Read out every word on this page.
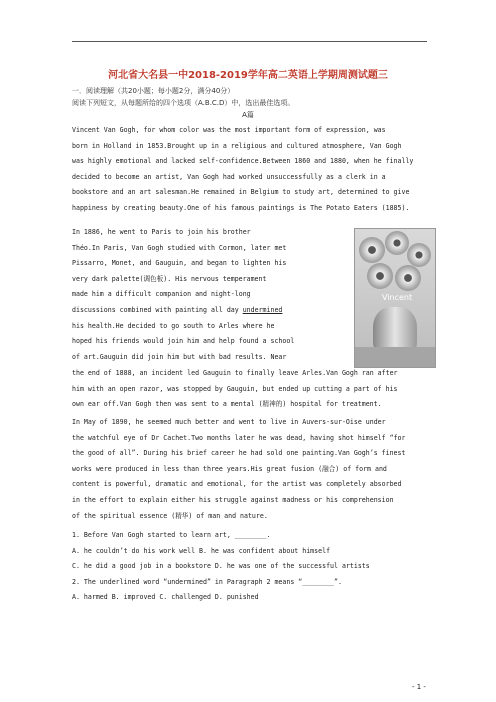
河北省大名县一中2018-2019学年高二英语上学期周测试题三
一．阅读理解（共20小题；每小题2分，满分40分）
阅读下列短文，从每题所给的四个选项（A.B.C.D）中，选出最佳选项。
A篇
Vincent Van Gogh, for whom color was the most important form of expression, was
born in Holland in 1853.Brought up in a religious and cultured atmosphere, Van Gogh
was highly emotional and lacked self-confidence.Between 1860 and 1880, when he finally
decided to become an artist, Van Gogh had worked unsuccessfully as a clerk in a
bookstore and an art salesman.He remained in Belgium to study art, determined to give
happiness by creating beauty.One of his famous paintings is The Potato Eaters (1885).
In 1886, he went to Paris to join his brother
Théo.In Paris, Van Gogh studied with Cormon, later met
Pissarro, Monet, and Gauguin, and began to lighten his
very dark palette(调色板). His nervous temperament
made him a difficult companion and night-long
discussions combined with painting all day undermined
his health.He decided to go south to Arles where he
hoped his friends would join him and help found a school
of art.Gauguin did join him but with bad results. Near
Vincent
the end of 1888, an incident led Gauguin to finally leave Arles.Van Gogh ran after
him with an open razor, was stopped by Gauguin, but ended up cutting a part of his
own ear off.Van Gogh then was sent to a mental (精神的) hospital for treatment.
In May of 1890, he seemed much better and went to live in Auvers-sur-Oise under
the watchful eye of Dr Cachet.Two months later he was dead, having shot himself “for
the good of all”. During his brief career he had sold one painting.Van Gogh’s finest
works were produced in less than three years.His great fusion (融合) of form and
content is powerful, dramatic and emotional, for the artist was completely absorbed
in the effort to explain either his struggle against madness or his comprehension
of the spiritual essence (精华) of man and nature.
1. Before Van Gogh started to learn art, ________.
A. he couldn’t do his work well B. he was confident about himself
C. he did a good job in a bookstore D. he was one of the successful artists
2. The underlined word “undermined” in Paragraph 2 means “________”.
A. harmed B. improved C. challenged D. punished
- 1 -
